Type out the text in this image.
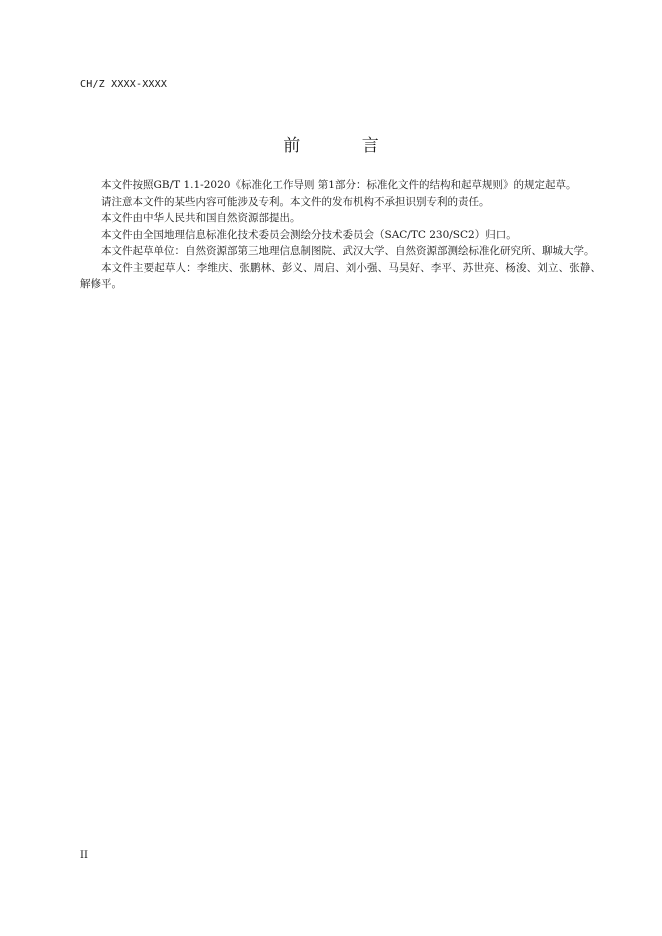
CH/Z XXXX-XXXX
前 言

本文件按照GB/T 1.1-2020《标准化工作导则 第1部分：标准化文件的结构和起草规则》的规定起草。

请注意本文件的某些内容可能涉及专利。本文件的发布机构不承担识别专利的责任。

本文件由中华人民共和国自然资源部提出。

本文件由全国地理信息标准化技术委员会测绘分技术委员会（SAC/TC 230/SC2）归口。

本文件起草单位：自然资源部第三地理信息制图院、武汉大学、自然资源部测绘标准化研究所、聊城大学。

本文件主要起草人：李维庆、张鹏林、彭义、周启、刘小强、马昊好、李平、苏世亮、杨浚、刘立、张静、解修平。

II
